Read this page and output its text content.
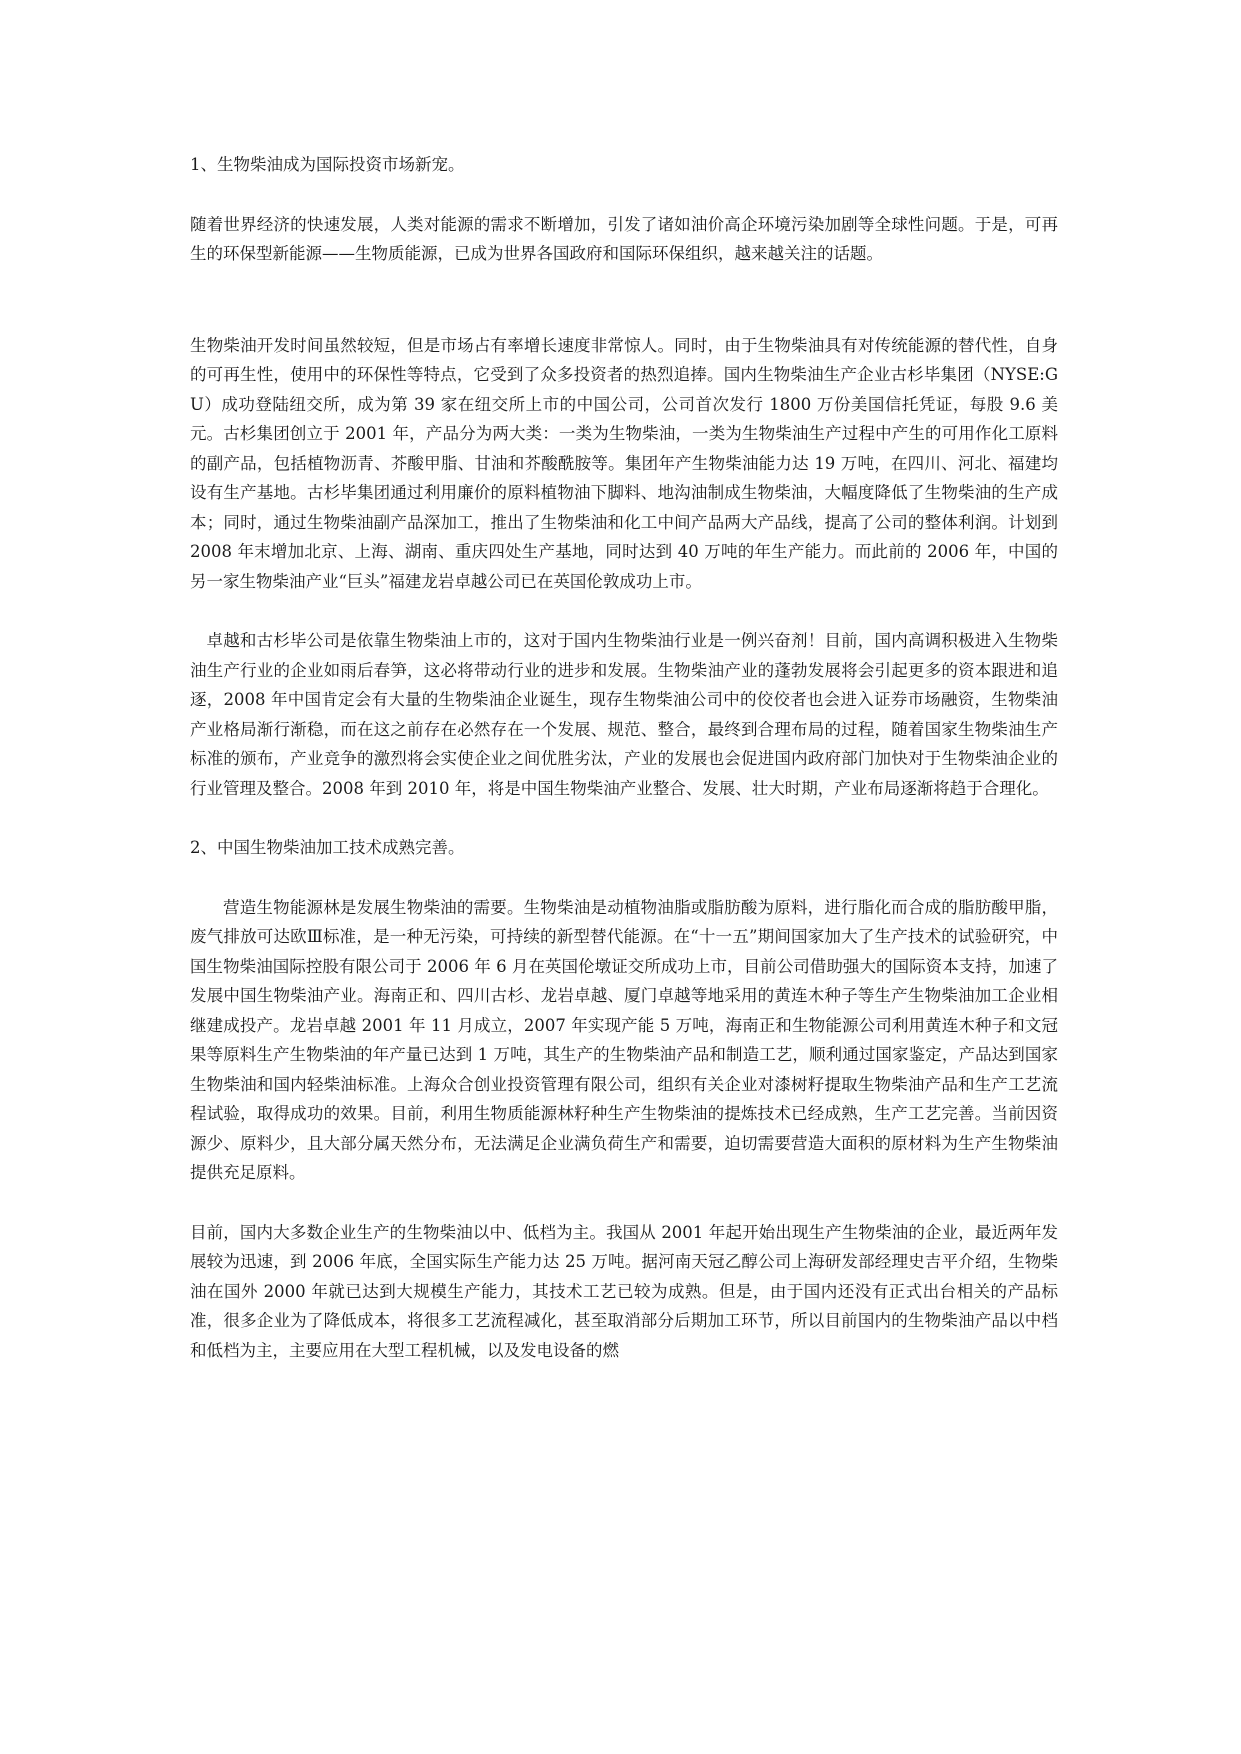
1、生物柴油成为国际投资市场新宠。

随着世界经济的快速发展，人类对能源的需求不断增加，引发了诸如油价高企环境污染加剧等全球性问题。于是，可再生的环保型新能源——生物质能源，已成为世界各国政府和国际环保组织，越来越关注的话题。

生物柴油开发时间虽然较短，但是市场占有率增长速度非常惊人。同时，由于生物柴油具有对传统能源的替代性，自身的可再生性，使用中的环保性等特点，它受到了众多投资者的热烈追捧。国内生物柴油生产企业古杉毕集团（NYSE:GU）成功登陆纽交所，成为第 39 家在纽交所上市的中国公司，公司首次发行 1800 万份美国信托凭证，每股 9.6 美元。古杉集团创立于 2001 年，产品分为两大类：一类为生物柴油，一类为生物柴油生产过程中产生的可用作化工原料的副产品，包括植物沥青、芥酸甲脂、甘油和芥酸酰胺等。集团年产生物柴油能力达 19 万吨，在四川、河北、福建均设有生产基地。古杉毕集团通过利用廉价的原料植物油下脚料、地沟油制成生物柴油，大幅度降低了生物柴油的生产成本；同时，通过生物柴油副产品深加工，推出了生物柴油和化工中间产品两大产品线，提高了公司的整体利润。计划到 2008 年末增加北京、上海、湖南、重庆四处生产基地，同时达到 40 万吨的年生产能力。而此前的 2006 年，中国的另一家生物柴油产业“巨头”福建龙岩卓越公司已在英国伦敦成功上市。

卓越和古杉毕公司是依靠生物柴油上市的，这对于国内生物柴油行业是一例兴奋剂！目前，国内高调积极进入生物柴油生产行业的企业如雨后春笋，这必将带动行业的进步和发展。生物柴油产业的蓬勃发展将会引起更多的资本跟进和追逐，2008 年中国肯定会有大量的生物柴油企业诞生，现存生物柴油公司中的佼佼者也会进入证券市场融资，生物柴油产业格局渐行渐稳，而在这之前存在必然存在一个发展、规范、整合，最终到合理布局的过程，随着国家生物柴油生产标准的颁布，产业竞争的激烈将会实使企业之间优胜劣汰，产业的发展也会促进国内政府部门加快对于生物柴油企业的行业管理及整合。2008 年到 2010 年，将是中国生物柴油产业整合、发展、壮大时期，产业布局逐渐将趋于合理化。

2、中国生物柴油加工技术成熟完善。

营造生物能源林是发展生物柴油的需要。生物柴油是动植物油脂或脂肪酸为原料，进行脂化而合成的脂肪酸甲脂，废气排放可达欧Ⅲ标准，是一种无污染，可持续的新型替代能源。在“十一五”期间国家加大了生产技术的试验研究，中国生物柴油国际控股有限公司于 2006 年 6 月在英国伦墩证交所成功上市，目前公司借助强大的国际资本支持，加速了发展中国生物柴油产业。海南正和、四川古杉、龙岩卓越、厦门卓越等地采用的黄连木种子等生产生物柴油加工企业相继建成投产。龙岩卓越 2001 年 11 月成立，2007 年实现产能 5 万吨，海南正和生物能源公司利用黄连木种子和文冠果等原料生产生物柴油的年产量已达到 1 万吨，其生产的生物柴油产品和制造工艺，顺利通过国家鉴定，产品达到国家生物柴油和国内轻柴油标准。上海众合创业投资管理有限公司，组织有关企业对漆树籽提取生物柴油产品和生产工艺流程试验，取得成功的效果。目前，利用生物质能源林籽种生产生物柴油的提炼技术已经成熟，生产工艺完善。当前因资源少、原料少，且大部分属天然分布，无法满足企业满负荷生产和需要，迫切需要营造大面积的原材料为生产生物柴油提供充足原料。

目前，国内大多数企业生产的生物柴油以中、低档为主。我国从 2001 年起开始出现生产生物柴油的企业，最近两年发展较为迅速，到 2006 年底，全国实际生产能力达 25 万吨。据河南天冠乙醇公司上海研发部经理史吉平介绍，生物柴油在国外 2000 年就已达到大规模生产能力，其技术工艺已较为成熟。但是，由于国内还没有正式出台相关的产品标准，很多企业为了降低成本，将很多工艺流程减化，甚至取消部分后期加工环节，所以目前国内的生物柴油产品以中档和低档为主，主要应用在大型工程机械，以及发电设备的燃
